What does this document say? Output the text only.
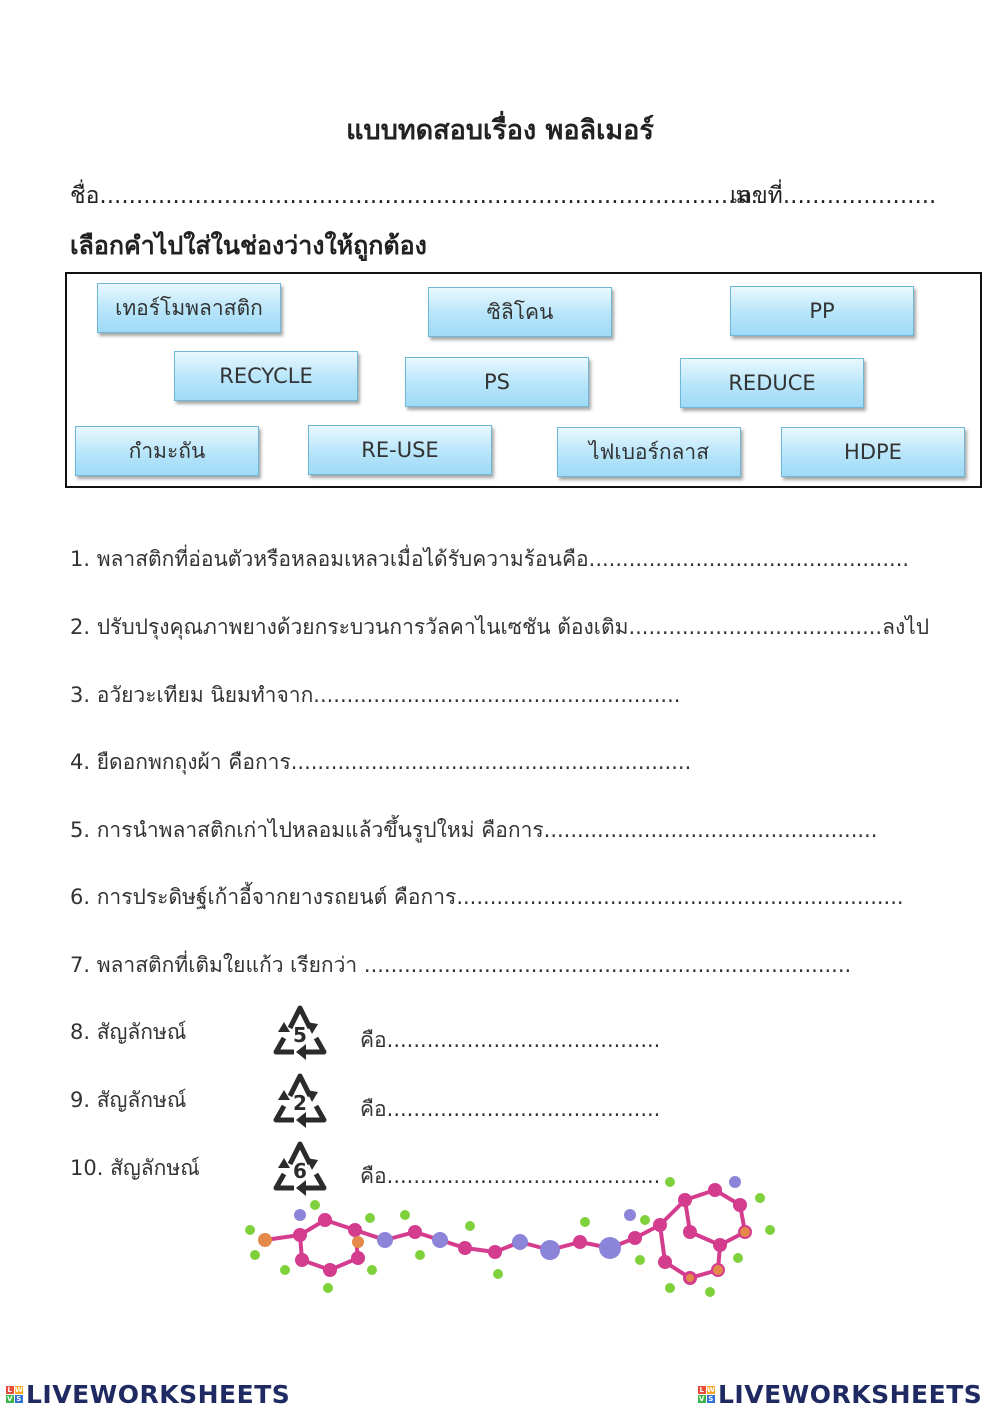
แบบทดสอบเรื่อง พอลิเมอร์
ชื่อ.......................................................................................ม.
เลขที่.....................
เลือกคำไปใส่ในช่องว่างให้ถูกต้อง
เทอร์โมพลาสติก	ซิลิโคน	PP
RECYCLE	PS	REDUCE
กำมะถัน	RE-USE	ไฟเบอร์กลาส	HDPE
1. พลาสติกที่อ่อนตัวหรือหลอมเหลวเมื่อได้รับความร้อนคือ................................................
2. ปรับปรุงคุณภาพยางด้วยกระบวนการวัลคาไนเซชัน ต้องเติม......................................ลงไป
3. อวัยวะเทียม นิยมทำจาก.......................................................
4. ยืดอกพกถุงผ้า คือการ............................................................
5. การนำพลาสติกเก่าไปหลอมแล้วขึ้นรูปใหม่ คือการ..................................................
6. การประดิษฐ์เก้าอี้จากยางรถยนต์ คือการ...................................................................
7. พลาสติกที่เติมใยแก้ว เรียกว่า .........................................................................
8. สัญลักษณ์	5	คือ.........................................
9. สัญลักษณ์	2	คือ.........................................
10. สัญลักษณ์	6	คือ.........................................
L W
V S LIVEWORKSHEETS	L W
V S LIVEWORKSHEETS
